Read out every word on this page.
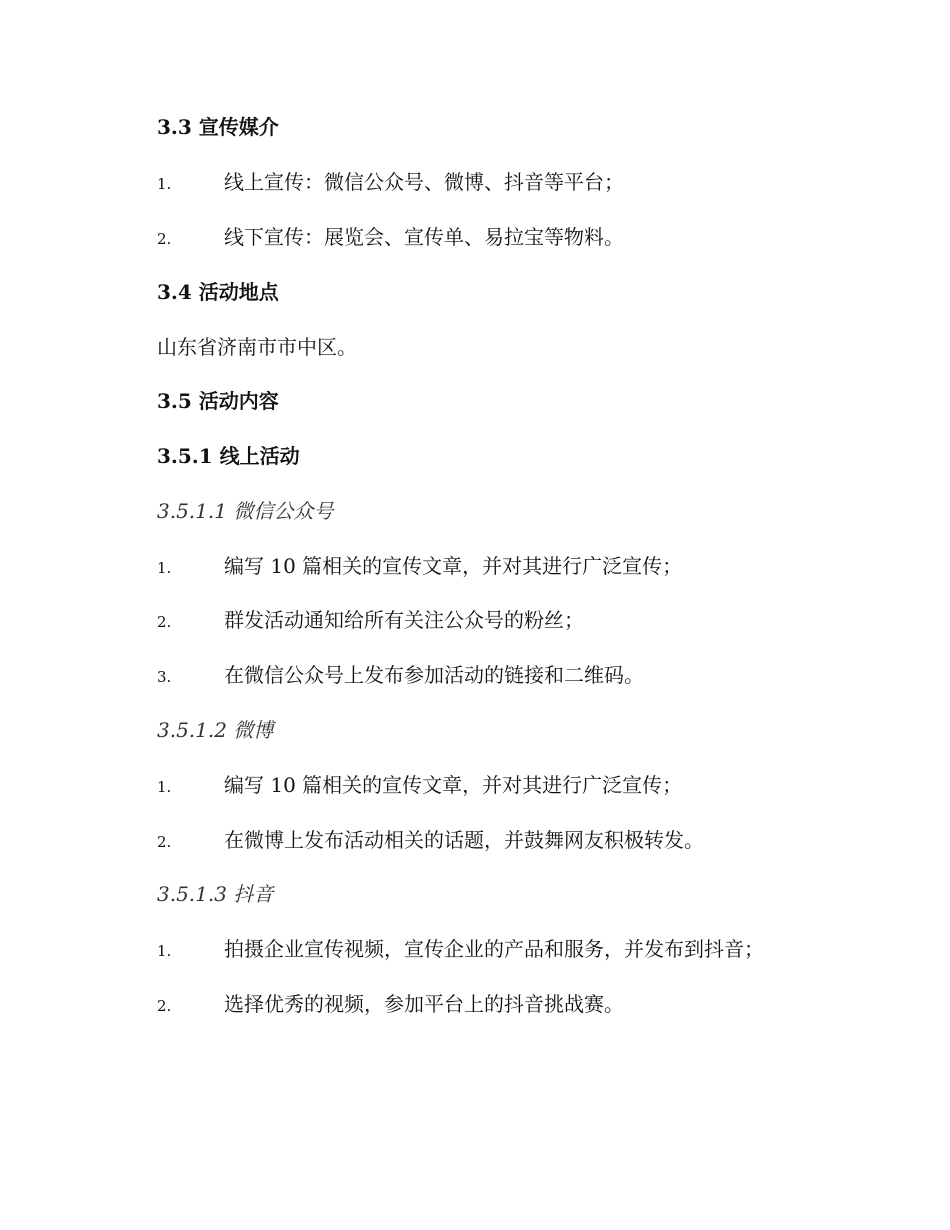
3.3 宣传媒介
1.	线上宣传：微信公众号、微博、抖音等平台；
2.	线下宣传：展览会、宣传单、易拉宝等物料。
3.4 活动地点
山东省济南市市中区。
3.5 活动内容
3.5.1 线上活动
3.5.1.1 微信公众号
1.	编写 10 篇相关的宣传文章，并对其进行广泛宣传；
2.	群发活动通知给所有关注公众号的粉丝；
3.	在微信公众号上发布参加活动的链接和二维码。
3.5.1.2 微博
1.	编写 10 篇相关的宣传文章，并对其进行广泛宣传；
2.	在微博上发布活动相关的话题，并鼓舞网友积极转发。
3.5.1.3 抖音
1.	拍摄企业宣传视频，宣传企业的产品和服务，并发布到抖音；
2.	选择优秀的视频，参加平台上的抖音挑战赛。
